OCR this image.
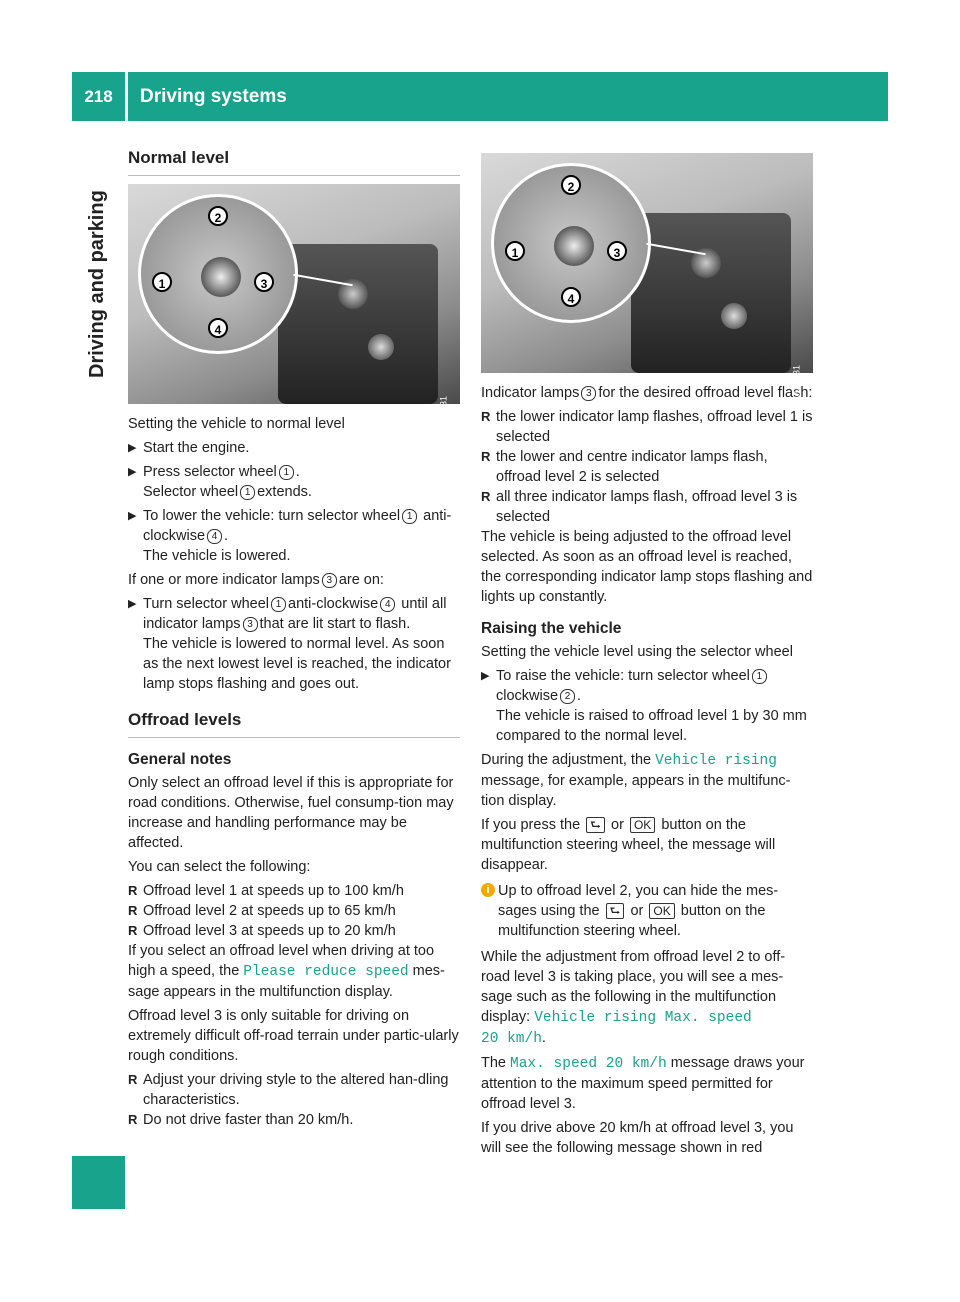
218	Driving systems
Driving and parking
Normal level
2
1	3
4
P54.26-0051-31

Setting the vehicle to normal level

▶ Start the engine.
▶ Press selector wheel 1 .
Selector wheel 1 extends.
▶ To lower the vehicle: turn selector wheel 1 anti-clockwise 4 .
The vehicle is lowered.

If one or more indicator lamps 3 are on:

▶ Turn selector wheel 1 anti-clockwise 4 until all indicator lamps 3 that are lit start to flash.
The vehicle is lowered to normal level. As soon as the next lowest level is reached, the indicator lamp stops flashing and goes out.
Offroad levels
General notes

Only select an offroad level if this is appropriate for road conditions. Otherwise, fuel consump-tion may increase and handling performance may be affected.

You can select the following:

R Offroad level 1 at speeds up to 100 km/h
R Offroad level 2 at speeds up to 65 km/h
R Offroad level 3 at speeds up to 20 km/h

If you select an offroad level when driving at too high a speed, the Please reduce speed mes-sage appears in the multifunction display.

Offroad level 3 is only suitable for driving on extremely difficult off-road terrain under partic-ularly rough conditions.

R Adjust your driving style to the altered han-dling characteristics.
R Do not drive faster than 20 km/h.
2
1	3
4
P54.26-0051-31

Indicator lamps 3 for the desired offroad level flash:

R the lower indicator lamp flashes, offroad level 1 is selected
R the lower and centre indicator lamps flash, offroad level 2 is selected
R all three indicator lamps flash, offroad level 3 is selected

The vehicle is being adjusted to the offroad level selected. As soon as an offroad level is reached, the corresponding indicator lamp stops flashing and lights up constantly.

Raising the vehicle

Setting the vehicle level using the selector wheel

▶ To raise the vehicle: turn selector wheel 1 clockwise 2 .
The vehicle is raised to offroad level 1 by 30 mm compared to the normal level.

During the adjustment, the Vehicle rising message, for example, appears in the multifunc-tion display.

If you press the ⮑ or OK button on the multifunction steering wheel, the message will disappear.

i Up to offroad level 2, you can hide the mes-sages using the ⮑ or OK button on the multifunction steering wheel.

While the adjustment from offroad level 2 to off-road level 3 is taking place, you will see a mes-sage such as the following in the multifunction display: Vehicle rising Max. speed
20 km/h.

The Max. speed 20 km/h message draws your attention to the maximum speed permitted for offroad level 3.

If you drive above 20 km/h at offroad level 3, you will see the following message shown in red
